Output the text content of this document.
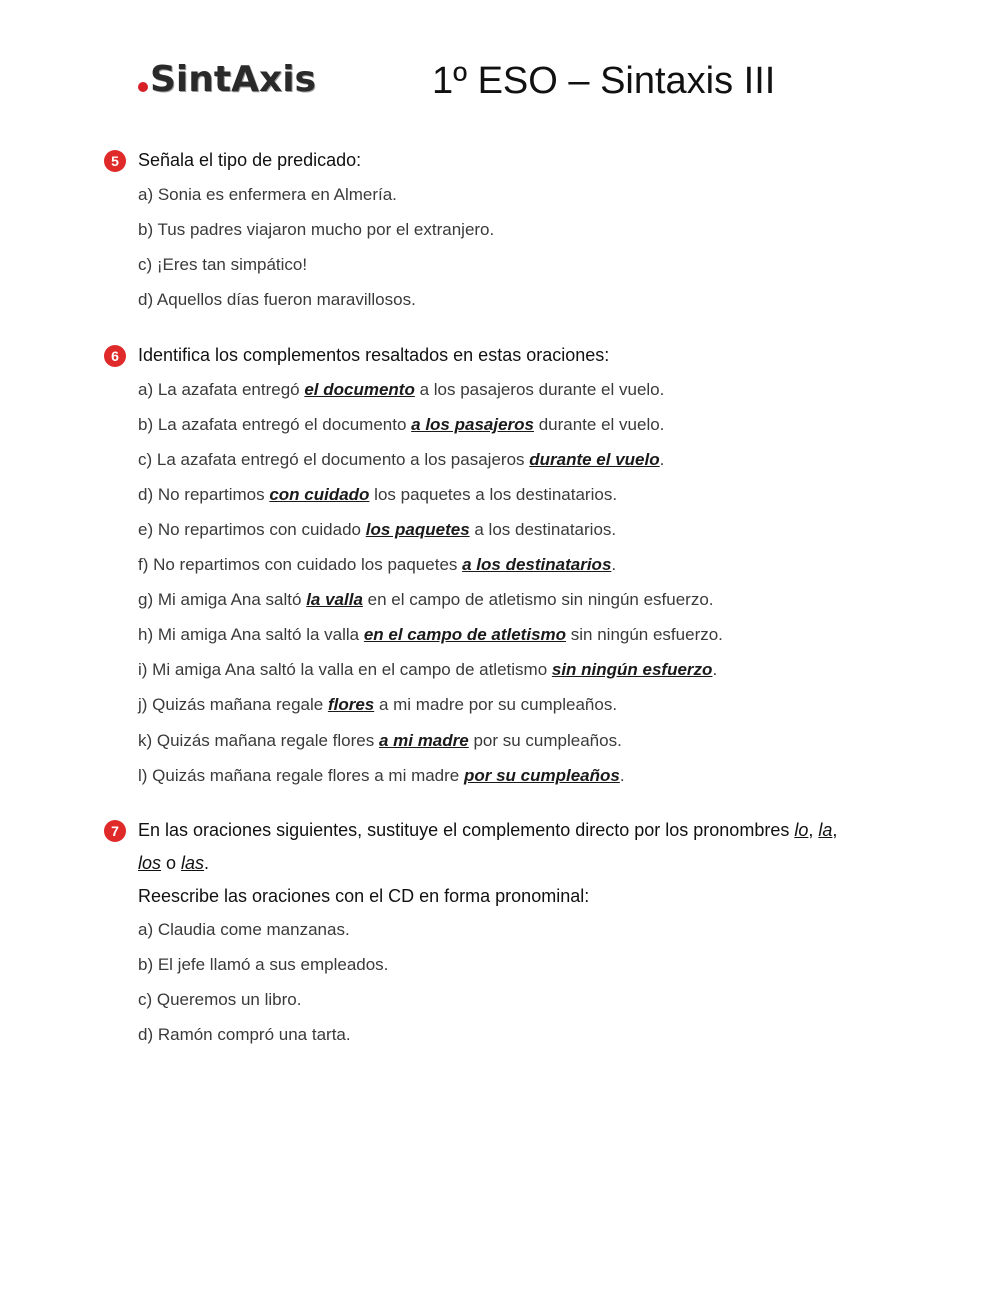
SintAxis	1º ESO – Sintaxis III
5	Señala el tipo de predicado:
a) Sonia es enfermera en Almería.
b) Tus padres viajaron mucho por el extranjero.
c) ¡Eres tan simpático!
d) Aquellos días fueron maravillosos.
6	Identifica los complementos resaltados en estas oraciones:
a) La azafata entregó el documento a los pasajeros durante el vuelo.
b) La azafata entregó el documento a los pasajeros durante el vuelo.
c) La azafata entregó el documento a los pasajeros durante el vuelo.
d) No repartimos con cuidado los paquetes a los destinatarios.
e) No repartimos con cuidado los paquetes a los destinatarios.
f) No repartimos con cuidado los paquetes a los destinatarios.
g) Mi amiga Ana saltó la valla en el campo de atletismo sin ningún esfuerzo.
h) Mi amiga Ana saltó la valla en el campo de atletismo sin ningún esfuerzo.
i) Mi amiga Ana saltó la valla en el campo de atletismo sin ningún esfuerzo.
j) Quizás mañana regale flores a mi madre por su cumpleaños.
k) Quizás mañana regale flores a mi madre por su cumpleaños.
l) Quizás mañana regale flores a mi madre por su cumpleaños.
7	En las oraciones siguientes, sustituye el complemento directo por los pronombres lo, la,
los o las.
Reescribe las oraciones con el CD en forma pronominal:
a) Claudia come manzanas.
b) El jefe llamó a sus empleados.
c) Queremos un libro.
d) Ramón compró una tarta.
